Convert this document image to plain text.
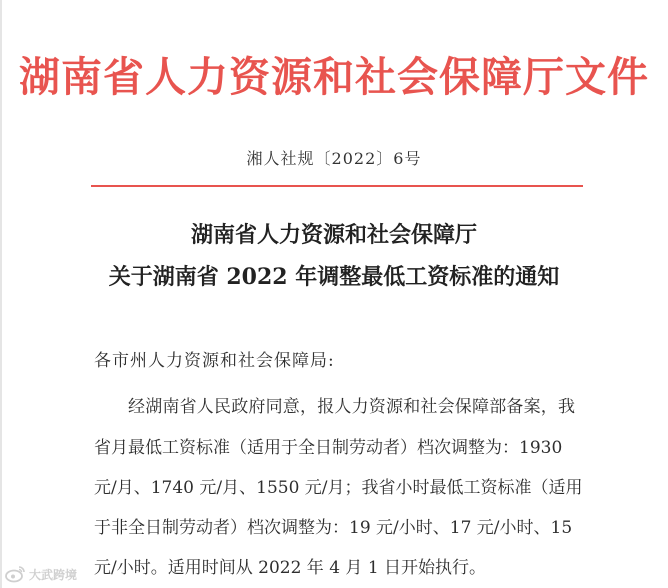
湖南省人力资源和社会保障厅文件
湘人社规〔2022〕6号
湖南省人力资源和社会保障厅
关于湖南省 2022 年调整最低工资标准的通知
各市州人力资源和社会保障局:
经湖南省人民政府同意，报人力资源和社会保障部备案，我
省月最低工资标准（适用于全日制劳动者）档次调整为：1930
元/月、1740 元/月、1550 元/月；我省小时最低工资标准（适用
于非全日制劳动者）档次调整为：19 元/小时、17 元/小时、15
元/小时。适用时间从 2022 年 4 月 1 日开始执行。
大武跨境
